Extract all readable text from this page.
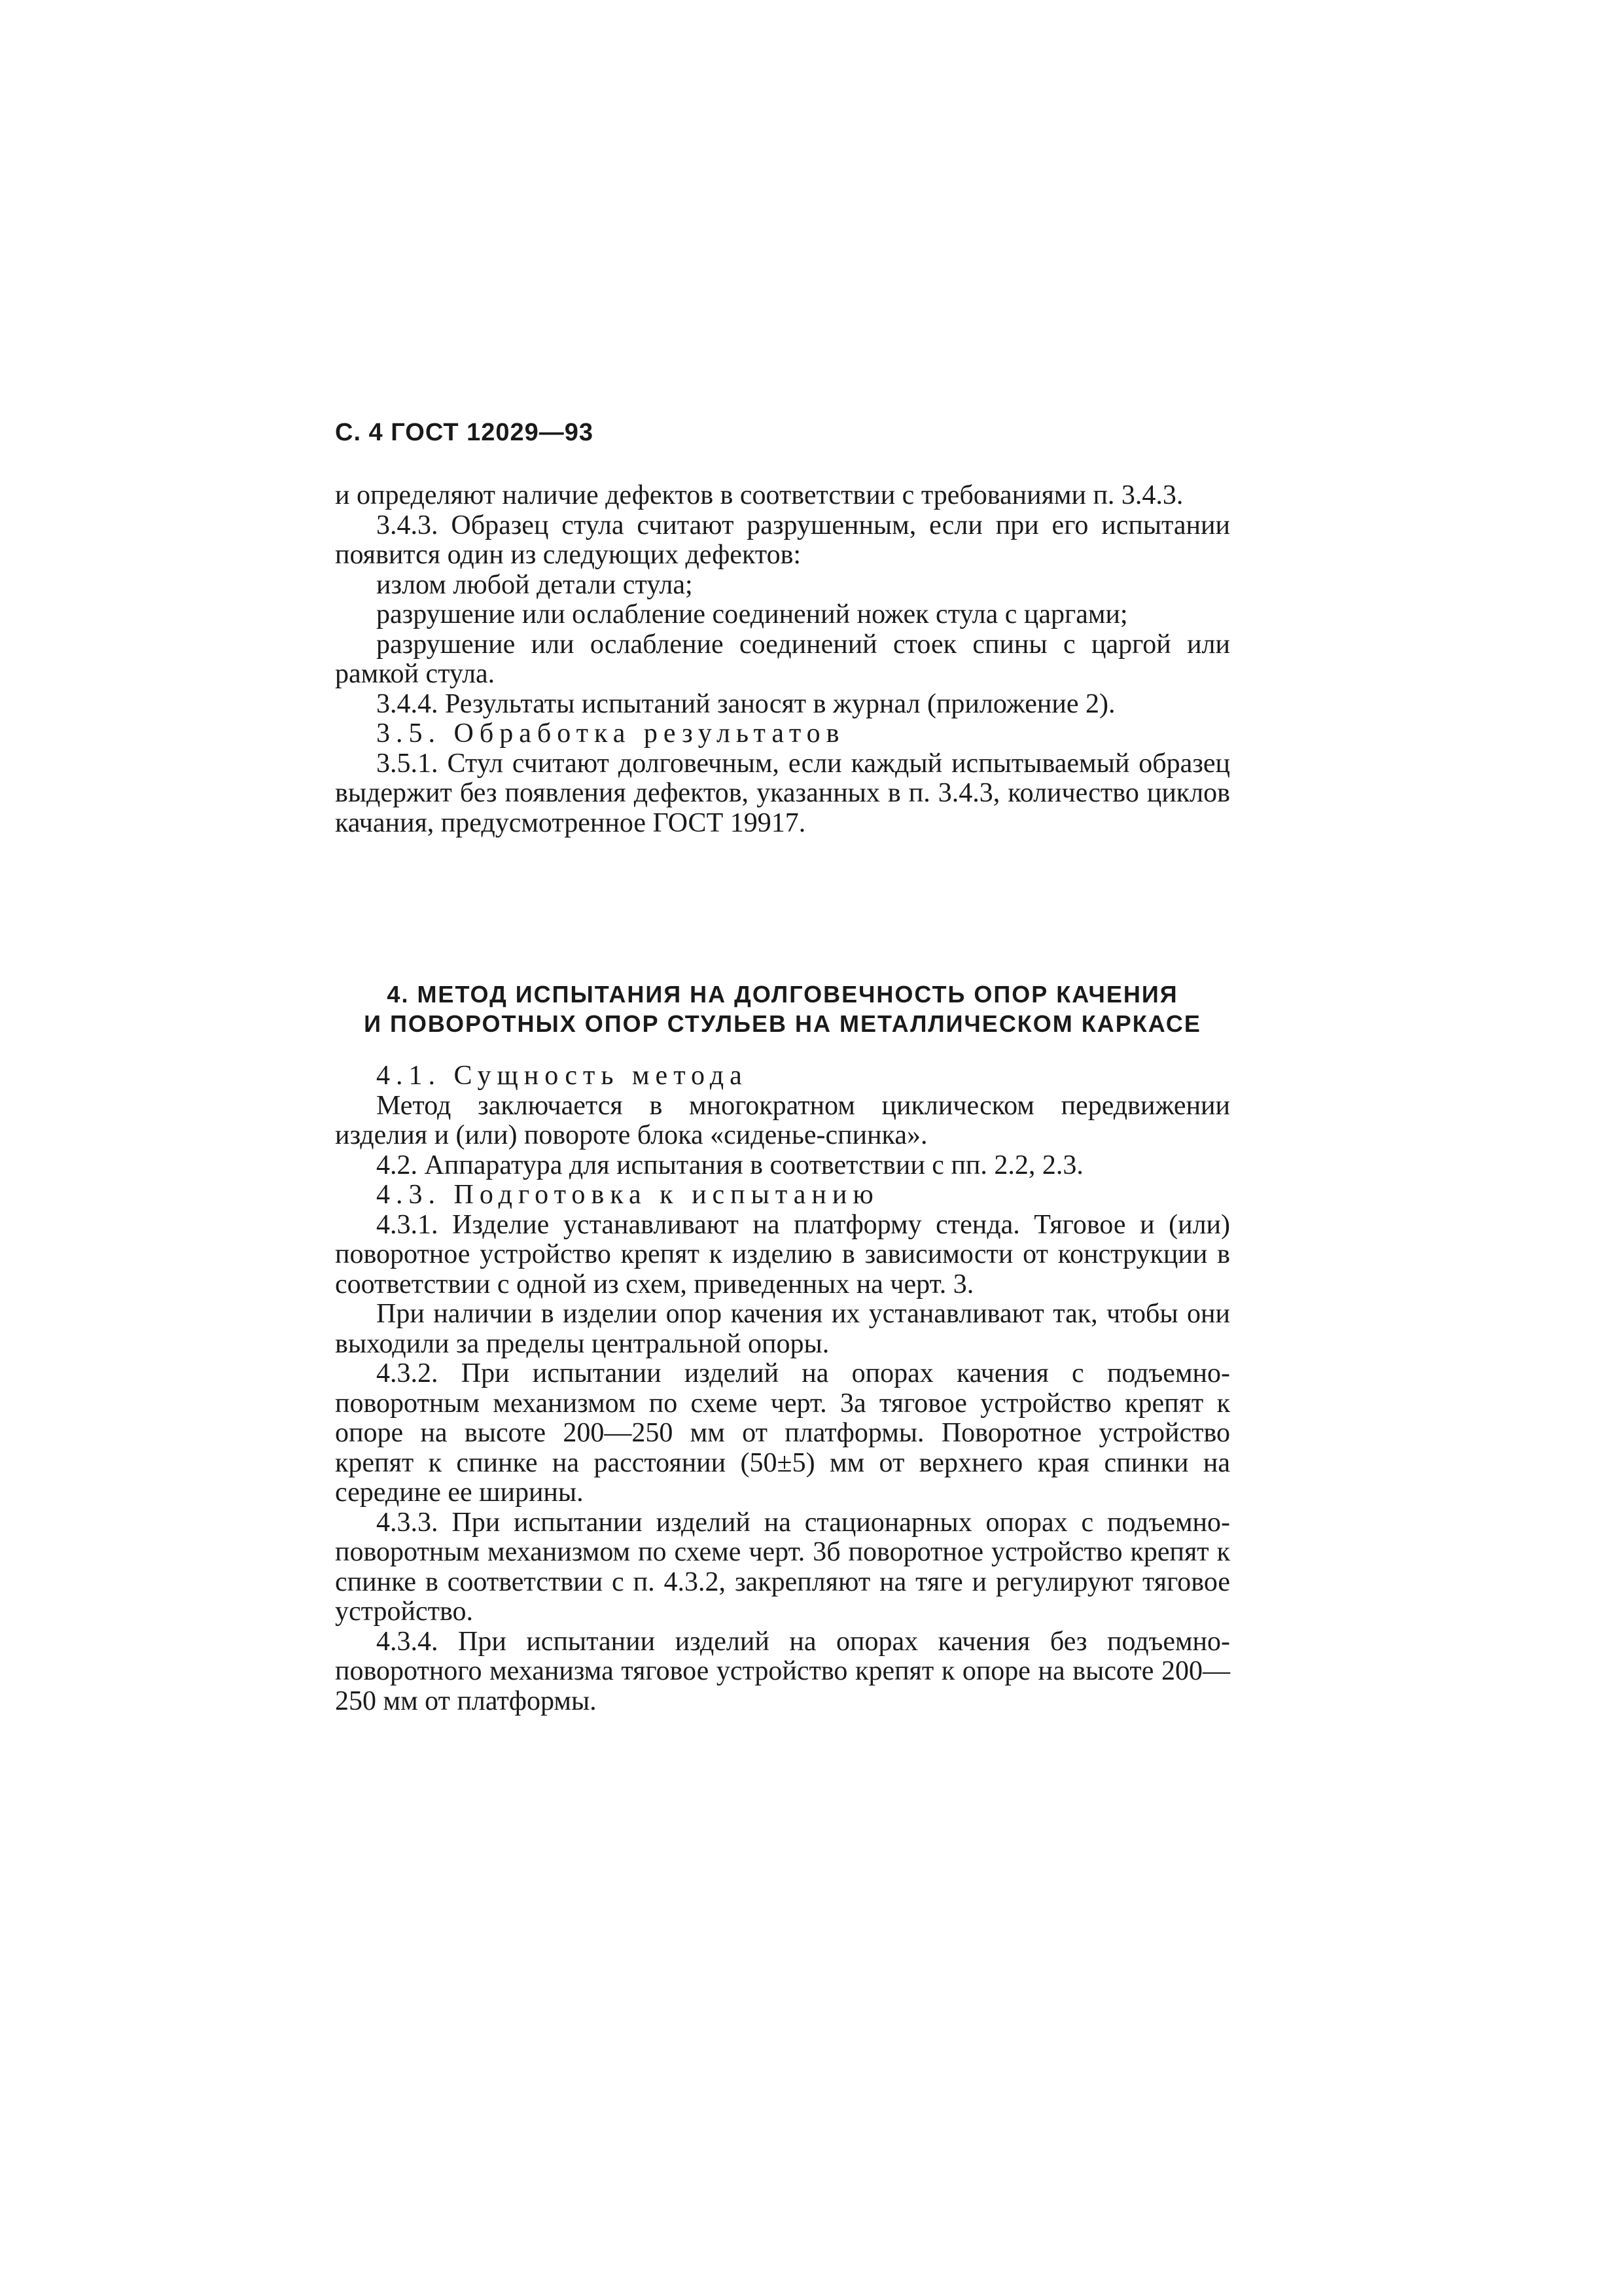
С. 4 ГОСТ 12029—93

и определяют наличие дефектов в соответствии с требованиями п. 3.4.3.

3.4.3. Образец стула считают разрушенным, если при его испытании появится один из следующих дефектов:

излом любой детали стула;

разрушение или ослабление соединений ножек стула с царгами;

разрушение или ослабление соединений стоек спины с царгой или рамкой стула.

3.4.4. Результаты испытаний заносят в журнал (приложение 2).

3.5. Обработка результатов

3.5.1. Стул считают долговечным, если каждый испытываемый образец выдержит без появления дефектов, указанных в п. 3.4.3, количество циклов качания, предусмотренное ГОСТ 19917.

4. МЕТОД ИСПЫТАНИЯ НА ДОЛГОВЕЧНОСТЬ ОПОР КАЧЕНИЯ
И ПОВОРОТНЫХ ОПОР СТУЛЬЕВ НА МЕТАЛЛИЧЕСКОМ КАРКАСЕ

4.1. Сущность метода

Метод заключается в многократном циклическом передвижении изделия и (или) повороте блока «сиденье-спинка».

4.2. Аппаратура для испытания в соответствии с пп. 2.2, 2.3.

4.3. Подготовка к испытанию

4.3.1. Изделие устанавливают на платформу стенда. Тяговое и (или) поворотное устройство крепят к изделию в зависимости от конструкции в соответствии с одной из схем, приведенных на черт. 3.

При наличии в изделии опор качения их устанавливают так, чтобы они выходили за пределы центральной опоры.

4.3.2. При испытании изделий на опорах качения с подъемно-поворотным механизмом по схеме черт. 3а тяговое устройство крепят к опоре на высоте 200—250 мм от платформы. Поворотное устройство крепят к спинке на расстоянии (50±5) мм от верхнего края спинки на середине ее ширины.

4.3.3. При испытании изделий на стационарных опорах с подъемно-поворотным механизмом по схеме черт. 3б поворотное устройство крепят к спинке в соответствии с п. 4.3.2, закрепляют на тяге и регулируют тяговое устройство.

4.3.4. При испытании изделий на опорах качения без подъемно-поворотного механизма тяговое устройство крепят к опоре на высоте 200—250 мм от платформы.
